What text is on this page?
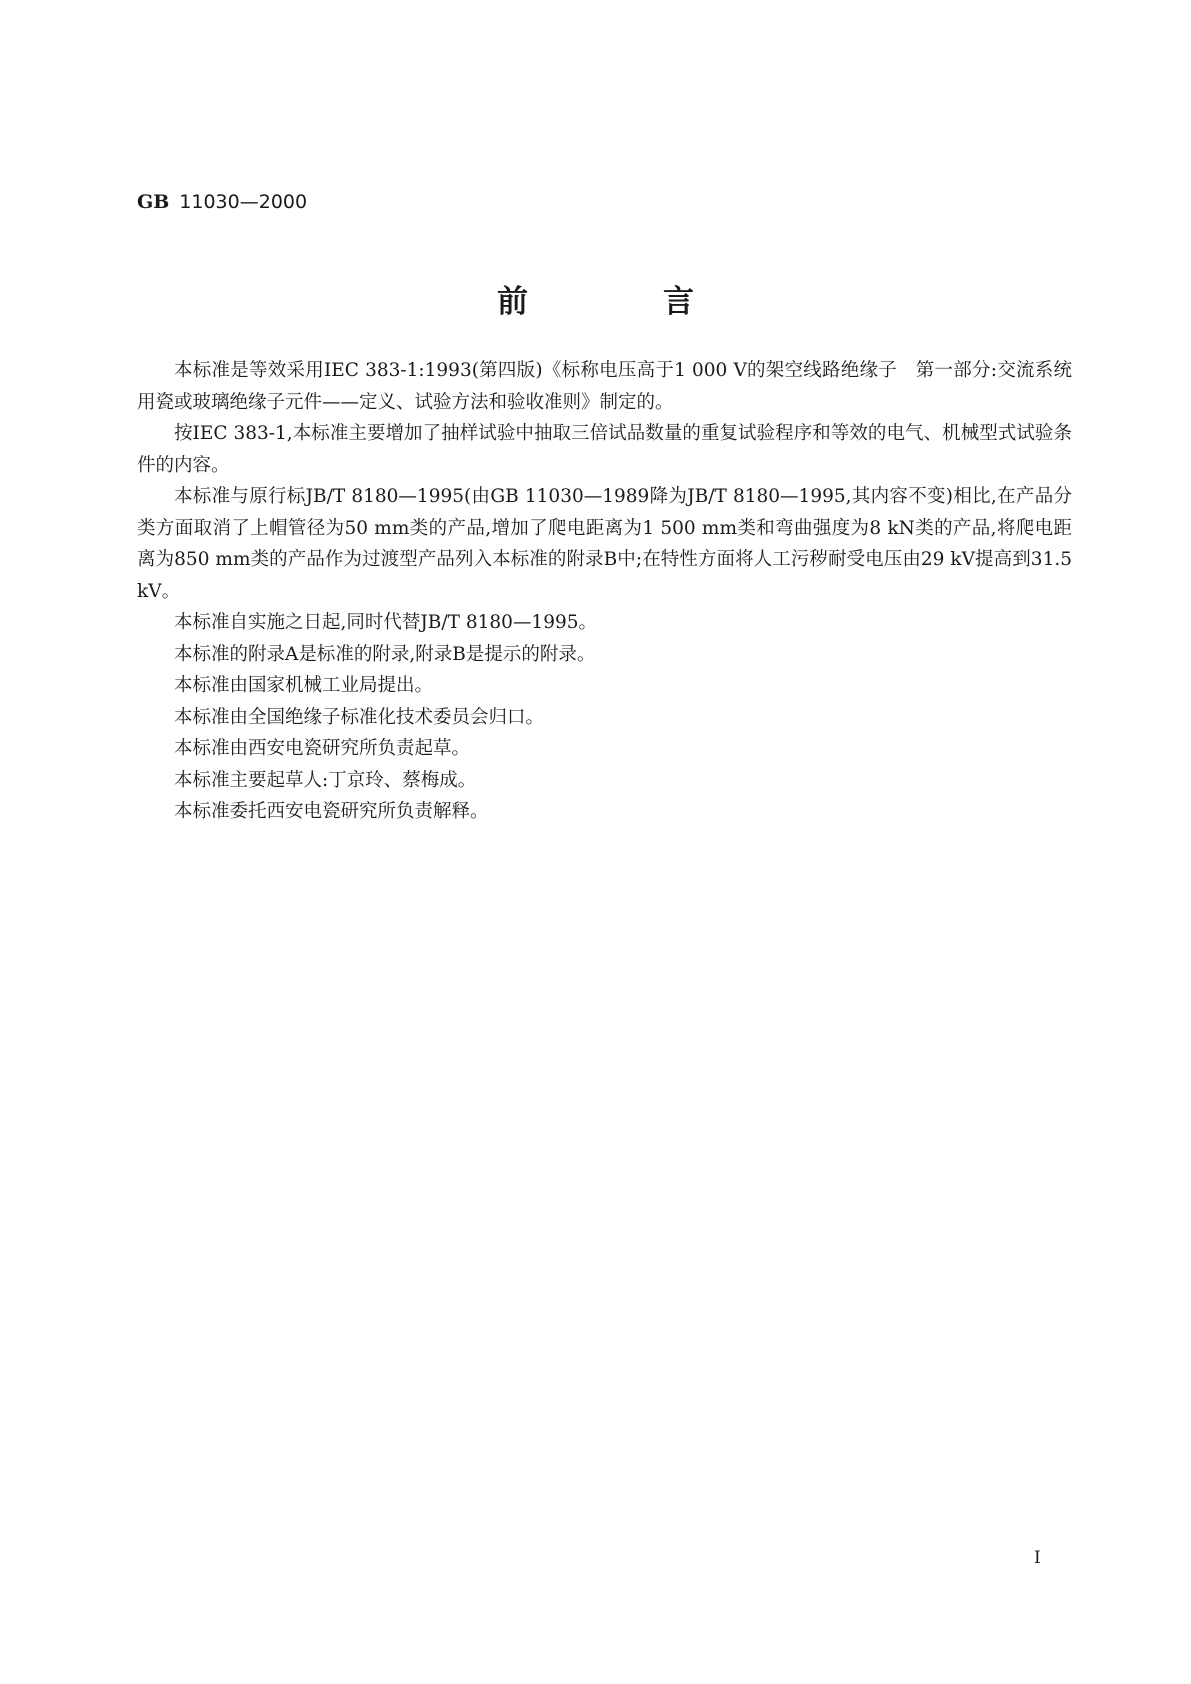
GB 11030—2000
前　言

本标准是等效采用IEC 383-1:1993(第四版)《标称电压高于1 000 V的架空线路绝缘子　第一部分:交流系统用瓷或玻璃绝缘子元件——定义、试验方法和验收准则》制定的。

按IEC 383-1,本标准主要增加了抽样试验中抽取三倍试品数量的重复试验程序和等效的电气、机械型式试验条件的内容。

本标准与原行标JB/T 8180—1995(由GB 11030—1989降为JB/T 8180—1995,其内容不变)相比,在产品分类方面取消了上帽管径为50 mm类的产品,增加了爬电距离为1 500 mm类和弯曲强度为8 kN类的产品,将爬电距离为850 mm类的产品作为过渡型产品列入本标准的附录B中;在特性方面将人工污秽耐受电压由29 kV提高到31.5 kV。

本标准自实施之日起,同时代替JB/T 8180—1995。

本标准的附录A是标准的附录,附录B是提示的附录。

本标准由国家机械工业局提出。

本标准由全国绝缘子标准化技术委员会归口。

本标准由西安电瓷研究所负责起草。

本标准主要起草人:丁京玲、蔡梅成。

本标准委托西安电瓷研究所负责解释。

I
